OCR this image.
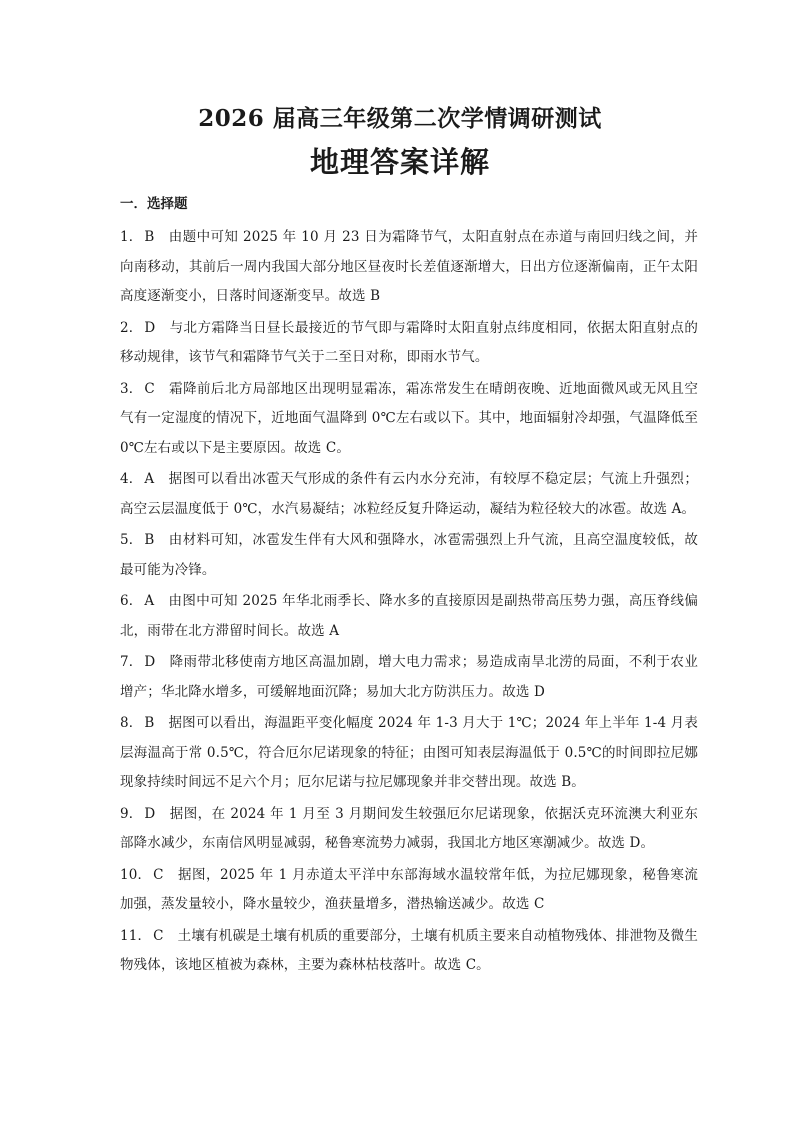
2026 届高三年级第二次学情调研测试
地理答案详解
一．选择题
1． B 由题中可知 2025 年 10 月 23 日为霜降节气，太阳直射点在赤道与南回归线之间，并向南移动，其前后一周内我国大部分地区昼夜时长差值逐渐增大，日出方位逐渐偏南，正午太阳高度逐渐变小，日落时间逐渐变早。故选 B
2． D 与北方霜降当日昼长最接近的节气即与霜降时太阳直射点纬度相同，依据太阳直射点的移动规律，该节气和霜降节气关于二至日对称，即雨水节气。
3． C 霜降前后北方局部地区出现明显霜冻，霜冻常发生在晴朗夜晚、近地面微风或无风且空气有一定湿度的情况下，近地面气温降到 0℃左右或以下。其中，地面辐射冷却强，气温降低至 0℃左右或以下是主要原因。故选 C。
4． A 据图可以看出冰雹天气形成的条件有云内水分充沛，有较厚不稳定层；气流上升强烈；高空云层温度低于 0℃，水汽易凝结；冰粒经反复升降运动，凝结为粒径较大的冰雹。故选 A。
5． B 由材料可知，冰雹发生伴有大风和强降水，冰雹需强烈上升气流，且高空温度较低，故最可能为冷锋。
6． A 由图中可知 2025 年华北雨季长、降水多的直接原因是副热带高压势力强，高压脊线偏北，雨带在北方滞留时间长。故选 A
7． D 降雨带北移使南方地区高温加剧，增大电力需求；易造成南旱北涝的局面，不利于农业增产；华北降水增多，可缓解地面沉降；易加大北方防洪压力。故选 D
8． B 据图可以看出，海温距平变化幅度 2024 年 1-3 月大于 1℃；2024 年上半年 1-4 月表层海温高于常 0.5℃，符合厄尔尼诺现象的特征；由图可知表层海温低于 0.5℃的时间即拉尼娜现象持续时间远不足六个月；厄尔尼诺与拉尼娜现象并非交替出现。故选 B。
9． D 据图，在 2024 年 1 月至 3 月期间发生较强厄尔尼诺现象，依据沃克环流澳大利亚东部降水减少，东南信风明显减弱，秘鲁寒流势力减弱，我国北方地区寒潮减少。故选 D。
10． C 据图，2025 年 1 月赤道太平洋中东部海域水温较常年低，为拉尼娜现象，秘鲁寒流加强，蒸发量较小，降水量较少，渔获量增多，潜热输送减少。故选 C
11． C 土壤有机碳是土壤有机质的重要部分，土壤有机质主要来自动植物残体、排泄物及微生物残体，该地区植被为森林，主要为森林枯枝落叶。故选 C。
